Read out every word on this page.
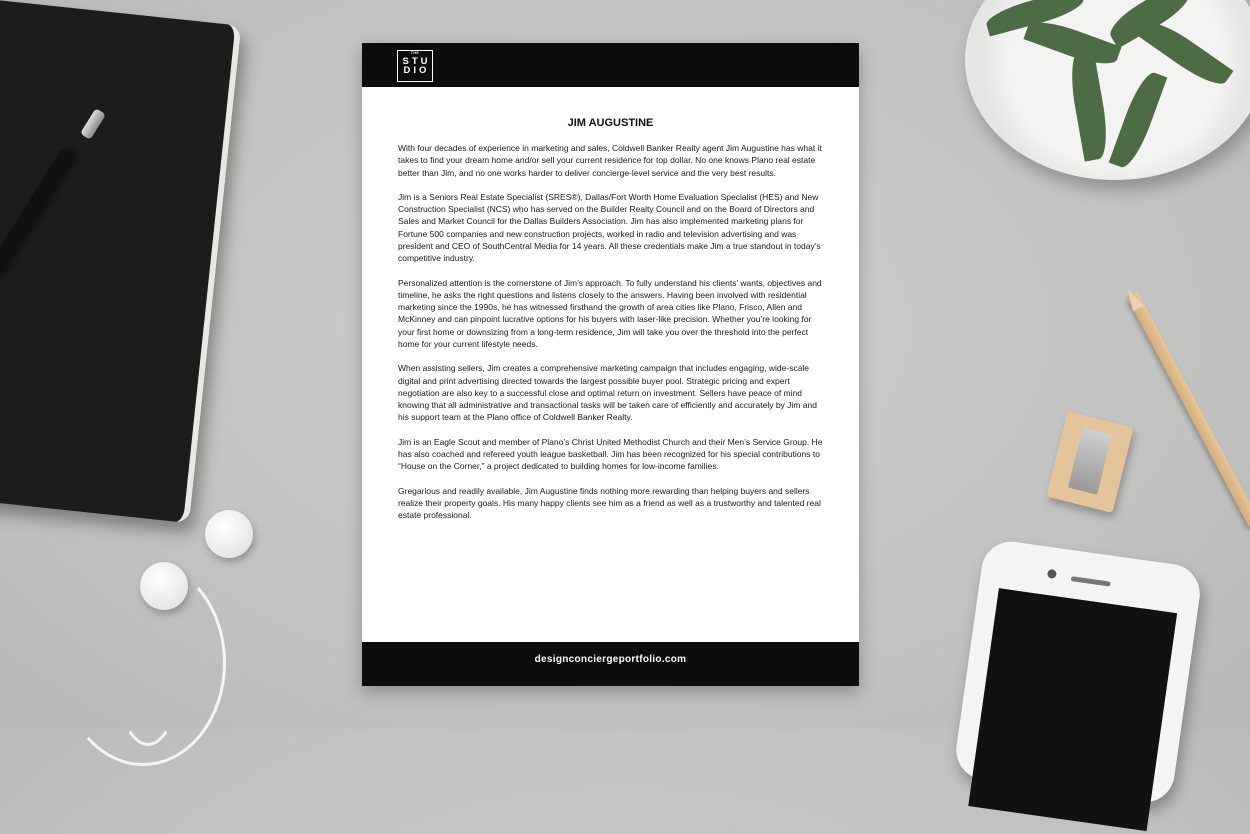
THE
STU
DIO
JIM AUGUSTINE

With four decades of experience in marketing and sales, Coldwell Banker Realty agent Jim Augustine has what it takes to find your dream home and/or sell your current residence for top dollar. No one knows Plano real estate better than Jim, and no one works harder to deliver concierge-level service and the very best results.

Jim is a Seniors Real Estate Specialist (SRES®), Dallas/Fort Worth Home Evaluation Specialist (HES) and New Construction Specialist (NCS) who has served on the Builder Realty Council and on the Board of Directors and Sales and Market Council for the Dallas Builders Association. Jim has also implemented marketing plans for Fortune 500 companies and new construction projects, worked in radio and television advertising and was president and CEO of SouthCentral Media for 14 years. All these credentials make Jim a true standout in today’s competitive industry.

Personalized attention is the cornerstone of Jim’s approach. To fully understand his clients’ wants, objectives and timeline, he asks the right questions and listens closely to the answers. Having been involved with residential marketing since the 1990s, he has witnessed firsthand the growth of area cities like Plano, Frisco, Allen and McKinney and can pinpoint lucrative options for his buyers with laser-like precision. Whether you’re looking for your first home or downsizing from a long-term residence, Jim will take you over the threshold into the perfect home for your current lifestyle needs.

When assisting sellers, Jim creates a comprehensive marketing campaign that includes engaging, wide-scale digital and print advertising directed towards the largest possible buyer pool. Strategic pricing and expert negotiation are also key to a successful close and optimal return on investment. Sellers have peace of mind knowing that all administrative and transactional tasks will be taken care of efficiently and accurately by Jim and his support team at the Plano office of Coldwell Banker Realty.

Jim is an Eagle Scout and member of Plano’s Christ United Methodist Church and their Men’s Service Group. He has also coached and refereed youth league basketball. Jim has been recognized for his special contributions to “House on the Corner,” a project dedicated to building homes for low-income families.

Gregarious and readily available, Jim Augustine finds nothing more rewarding than helping buyers and sellers realize their property goals. His many happy clients see him as a friend as well as a trustworthy and talented real estate professional.

designconciergeportfolio.com
